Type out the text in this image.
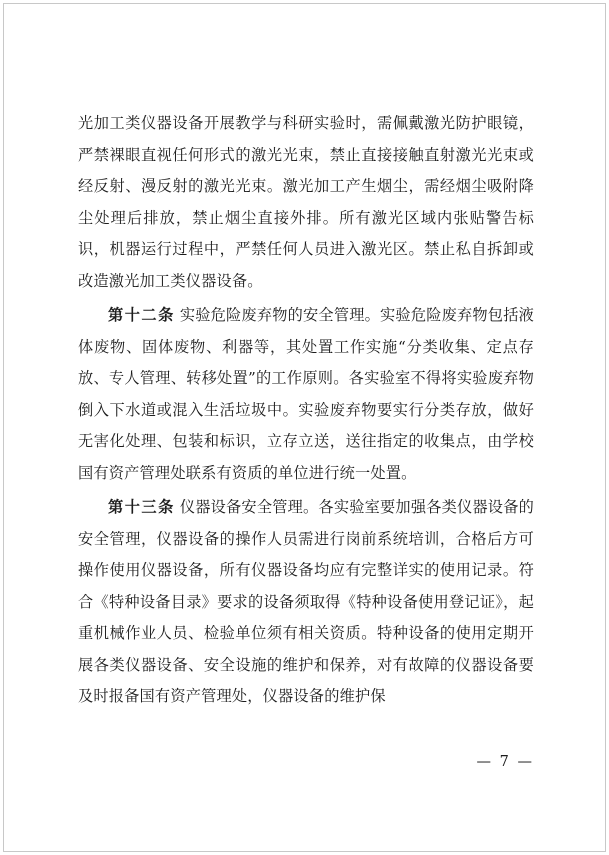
光加工类仪器设备开展教学与科研实验时，需佩戴激光防护眼镜，严禁裸眼直视任何形式的激光光束，禁止直接接触直射激光光束或经反射、漫反射的激光光束。激光加工产生烟尘，需经烟尘吸附降尘处理后排放，禁止烟尘直接外排。所有激光区域内张贴警告标识，机器运行过程中，严禁任何人员进入激光区。禁止私自拆卸或改造激光加工类仪器设备。

第十二条 实验危险废弃物的安全管理。实验危险废弃物包括液体废物、固体废物、利器等，其处置工作实施“分类收集、定点存放、专人管理、转移处置”的工作原则。各实验室不得将实验废弃物倒入下水道或混入生活垃圾中。实验废弃物要实行分类存放，做好无害化处理、包装和标识，立存立送，送往指定的收集点，由学校国有资产管理处联系有资质的单位进行统一处置。

第十三条 仪器设备安全管理。各实验室要加强各类仪器设备的安全管理，仪器设备的操作人员需进行岗前系统培训，合格后方可操作使用仪器设备，所有仪器设备均应有完整详实的使用记录。符合《特种设备目录》要求的设备须取得《特种设备使用登记证》，起重机械作业人员、检验单位须有相关资质。特种设备的使用定期开展各类仪器设备、安全设施的维护和保养，对有故障的仪器设备要及时报备国有资产管理处，仪器设备的维护保

— 7 —
